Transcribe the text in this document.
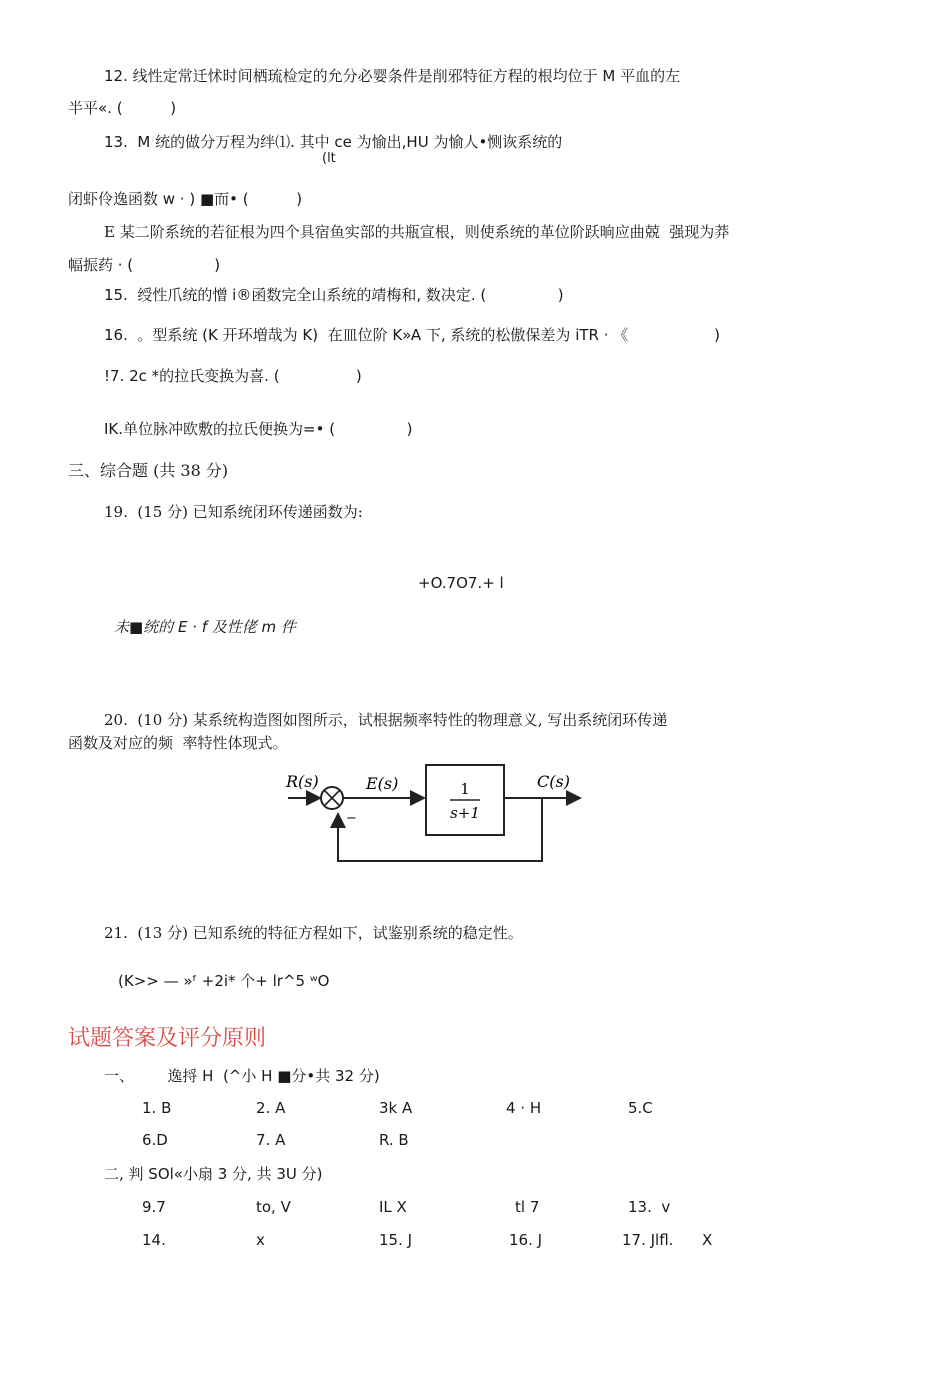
12. 线性定常迁怵时间栖琉检定的允分必婴条件是削邪特征方程的根均位于 M 平血的左
半平«. (          )
13.  M 统的做分万程为绊⑴. 其中 ce 为愉出,HU 为愉人•恻诙系统的
(lt
闭虾伶逸函数 w · ) ■而• (          )
E 某二阶系统的若征根为四个具宿鱼实部的共瓶宣根，则使系统的革位阶跃晌应曲兢  强现为莽
幅振药 · (                 )
15.  绶性爪统的憎 i®函数完全山系统的靖梅和, 数决定. (               )
16.  。型系统 (K 开环増哉为 K)  在皿位阶 K»A 下, 系统的松傲保差为 iTR · 《                  )
!7. 2c *的拉氏变换为喜. (                )
IK.单位脉冲欧敷的拉氏便换为=• (               )
三、综合题 (共 38 分)
19.  (15 分) 已知系统闭环传递函数为:
+O.7O7.+ l
未■统的 E · f 及性佬 m 件
20.  (10 分) 某系统构造图如图所示，试根据频率特性的物理意义, 写出系统闭环传递
函数及对应的频  率特性体现式。
R(s)	E(s)	C(s)
−
1
s+1
21.  (13 分) 已知系统的特征方程如下，试鉴别系统的稳定性。
(K>> — »ᶠ +2i* 个+ lr^5 ʷO
试题答案及评分原则
一、       逸捋 H  (^小 H ■分•共 32 分)
1. B	2. A	3k A	4 · H	5.C
6.D	7. A	R. B
二, 判 SOl«小扇 3 分, 共 3U 分)
9.7	to, V	IL X	tl 7	13.  v
14.	x	15. J	16. J	17. Jlfl. X
